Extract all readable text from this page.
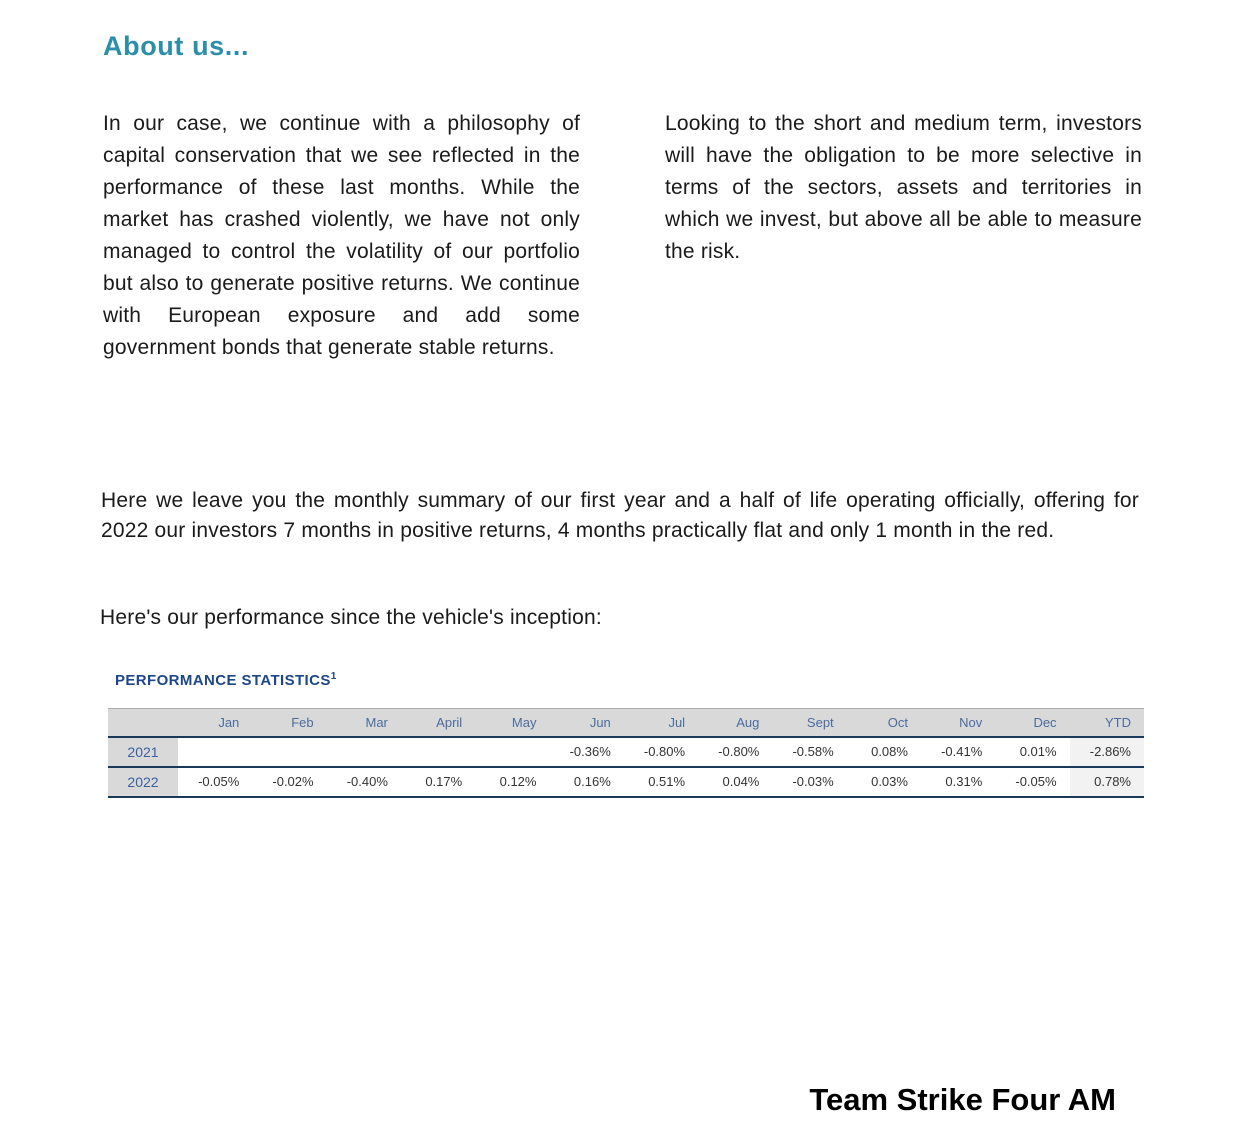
About us...
In our case, we continue with a philosophy of capital conservation that we see reflected in the performance of these last months. While the market has crashed violently, we have not only managed to control the volatility of our portfolio but also to generate positive returns. We continue with European exposure and add some government bonds that generate stable returns.
Looking to the short and medium term, investors will have the obligation to be more selective in terms of the sectors, assets and territories in which we invest, but above all be able to measure the risk.
Here we leave you the monthly summary of our first year and a half of life operating officially, offering for 2022 our investors 7 months in positive returns, 4 months practically flat and only 1 month in the red.
Here's our performance since the vehicle's inception:
PERFORMANCE STATISTICS$^1$
	Jan	Feb	Mar	April	May	Jun	Jul	Aug	Sept	Oct	Nov	Dec	YTD
2021						-0.36%	-0.80%	-0.80%	-0.58%	0.08%	-0.41%	0.01%	-2.86%
2022	-0.05%	-0.02%	-0.40%	0.17%	0.12%	0.16%	0.51%	0.04%	-0.03%	0.03%	0.31%	-0.05%	0.78%
Team Strike Four AM
